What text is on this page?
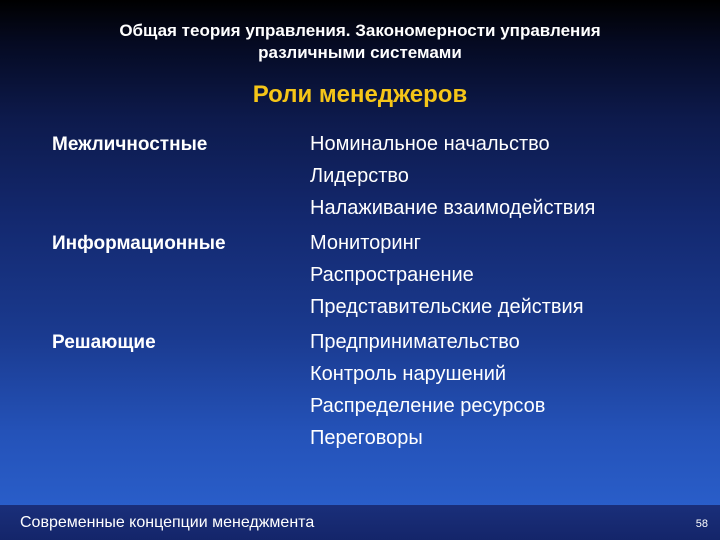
Общая теория управления. Закономерности управления
различными системами
Роли менеджеров
Межличностные	Номинальное начальство
Лидерство
Налаживание взаимодействия
Информационные	Мониторинг
Распространение
Представительские действия
Решающие	Предпринимательство
Контроль нарушений
Распределение ресурсов
Переговоры
Современные концепции менеджмента	58
